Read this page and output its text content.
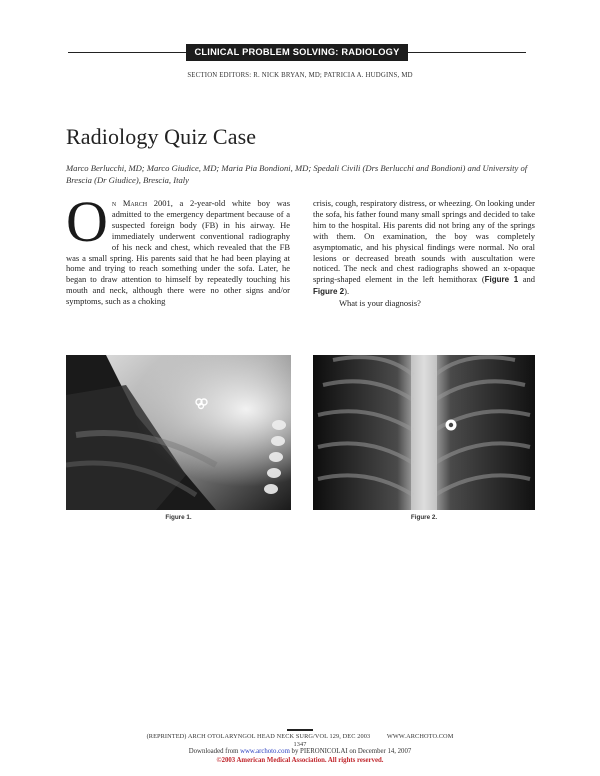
CLINICAL PROBLEM SOLVING: RADIOLOGY
SECTION EDITORS: R. NICK BRYAN, MD; PATRICIA A. HUDGINS, MD
Radiology Quiz Case
Marco Berlucchi, MD; Marco Giudice, MD; Maria Pia Bondioni, MD; Spedali Civili (Drs Berlucchi and Bondioni) and University of Brescia (Dr Giudice), Brescia, Italy
On March 2001, a 2-year-old white boy was admitted to the emergency department because of a suspected foreign body (FB) in his airway. He immediately underwent conventional radiography of his neck and chest, which revealed that the FB was a small spring. His parents said that he had been playing at home and trying to reach something under the sofa. Later, he began to draw attention to himself by repeatedly touching his mouth and neck, although there were no other signs and/or symptoms, such as a choking
crisis, cough, respiratory distress, or wheezing. On looking under the sofa, his father found many small springs and decided to take him to the hospital. His parents did not bring any of the springs with them. On examination, the boy was completely asymptomatic, and his physical findings were normal. No oral lesions or decreased breath sounds with auscultation were noticed. The neck and chest radiographs showed an x-opaque spring-shaped element in the left hemithorax (Figure 1 and Figure 2).
What is your diagnosis?
Figure 1.	Figure 2.
(REPRINTED) ARCH OTOLARYNGOL HEAD NECK SURG/VOL 129, DEC 2003          WWW.ARCHOTO.COM
1347
Downloaded from www.archoto.com by PIERONICOLAI on December 14, 2007
©2003 American Medical Association. All rights reserved.
